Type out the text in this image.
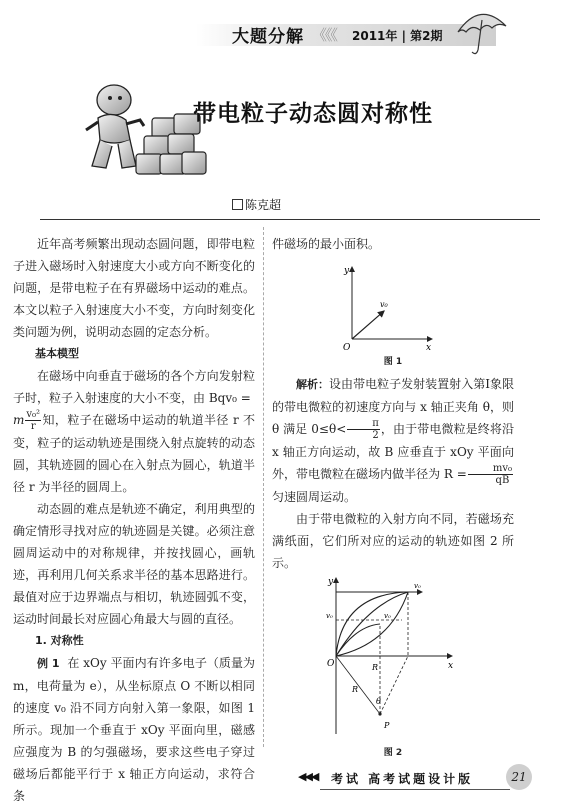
大题分解 《《《 2011年 | 第2期
带电粒子动态圆对称性
陈克超

近年高考频繁出现动态圆问题，即带电粒子进入磁场时入射速度大小或方向不断变化的问题，是带电粒子在有界磁场中运动的难点。本文以粒子入射速度大小不变，方向时刻变化类问题为例，说明动态圆的定态分析。

基本模型

在磁场中向垂直于磁场的各个方向发射粒子时，粒子入射速度的大小不变，由 Bqv₀ =

m $\frac{\text{v₀²}}{r}$ 知，粒子在磁场中运动的轨道半径 r 不变，粒子的运动轨迹是围绕入射点旋转的动态圆，其轨迹圆的圆心在入射点为圆心，轨道半径 r 为半径的圆周上。

动态圆的难点是轨迹不确定，利用典型的确定情形寻找对应的轨迹圆是关键。必须注意圆周运动中的对称规律，并按找圆心，画轨迹，再利用几何关系求半径的基本思路进行。最值对应于边界端点与相切，轨迹圆弧不变，运动时间最长对应圆心角最大与圆的直径。

1. 对称性

例 1 在 xOy 平面内有许多电子（质量为 m，电荷量为 e），从坐标原点 O 不断以相同的速度 v₀ 沿不同方向射入第一象限，如图 1 所示。现加一个垂直于 xOy 平面向里，磁感应强度为 B 的匀强磁场，要求这些电子穿过磁场后都能平行于 x 轴正方向运动，求符合条

件磁场的最小面积。

y
x
O
v₀
图 1

解析：设由带电粒子发射装置射入第Ⅰ象限的带电微粒的初速度方向与 x 轴正夹角 θ，则 θ 满足 $0\le\theta< \frac{\pi}{2}$ ，由于带电微粒是终将沿 x 轴正方向运动，故 B 应垂直于 xOy 平面向外，带电微粒在磁场内做半径为 $R = \frac{\text{mv₀}}{qB}$
匀速圆周运动。

由于带电微粒的入射方向不同，若磁场充满纸面，它们所对应的运动的轨迹如图 2 所示。

y
x
O
v₀
v₀	v₀
R
R
θ
P
图 2
◀◀◀ 考试 高考试题设计版	21
